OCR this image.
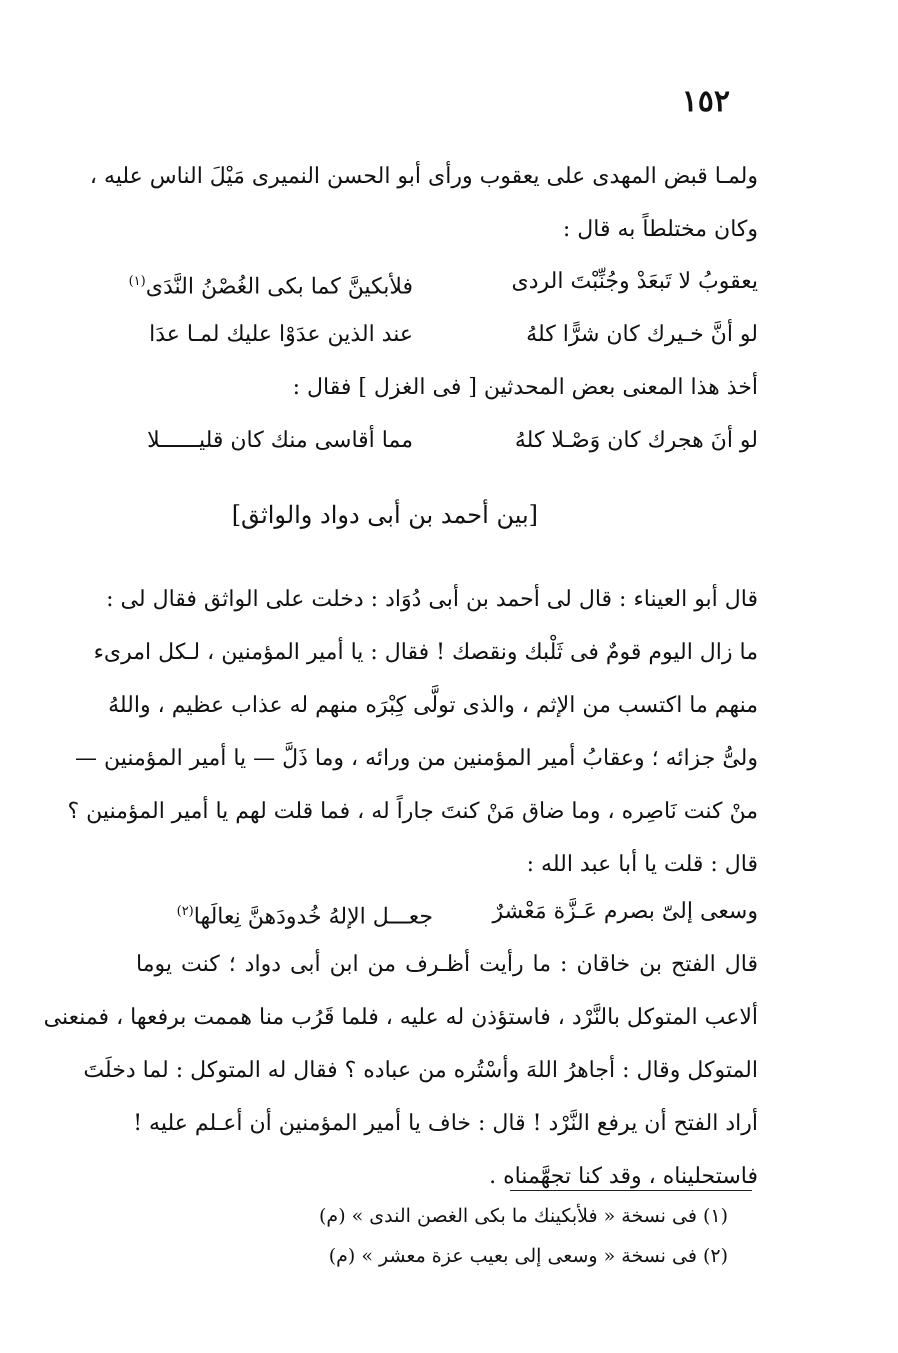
١٥٢
ولمـا قبض المهدى على يعقوب ورأى أبو الحسن النميرى مَيْلَ الناس عليه ،
وكان مختلطاً به قال :
يعقوبُ لا تَبعَدْ وجُنِّبْتَ الردى
فلأبكينَّ كما بكى الغُصْنُ النَّدَى$^{(١)}$
لو أنَّ خـيرك كان شرًّا كلهُ
عند الذين عدَوْا عليك لمـا عدَا
أخذ هذا المعنى بعض المحدثين [ فى الغزل ] فقال :
لو أنَ هجرك كان وَصْـلا كلهُ
مما أقاسى منك كان قليــــــلا
[بين أحمد بن أبى دواد والواثق]
قال أبو العيناء : قال لى أحمد بن أبى دُوَاد : دخلت على الواثق فقال لى :
ما زال اليوم قومٌ فى ثَلْبك ونقصك ! فقال : يا أمير المؤمنين ، لـكل امرىء
منهم ما اكتسب من الإثم ، والذى تولَّى كِبْرَه منهم له عذاب عظيم ، واللهُ
ولىُّ جزائه ؛ وعقابُ أمير المؤمنين من ورائه ، وما ذَلَّ — يا أمير المؤمنين —
منْ كنت نَاصِره ، وما ضاق مَنْ كنتَ جاراً له ، فما قلت لهم يا أمير المؤمنين ؟
قال : قلت يا أبا عبد الله :
وسعى إلىّ بصرم عَـزَّة مَعْشرٌ
جعـــل الإلهُ خُدودَهنَّ نِعالَها$^{(٢)}$
قال الفتح بن خاقان : ما رأيت أظـرف من ابن أبى دواد ؛ كنت يوما
ألاعب المتوكل بالنَّرْد ، فاستؤذن له عليه ، فلما قَرُب منا هممت برفعها ، فمنعنى
المتوكل وقال : أجاهرُ اللهَ وأسْتُره من عباده ؟ فقال له المتوكل : لما دخلَتَ
أراد الفتح أن يرفع النَّرْد ! قال : خاف يا أمير المؤمنين أن أعـلم عليه !
فاستحليناه ، وقد كنا تجهَّمناه .
(١) فى نسخة « فلأبكينك ما بكى الغصن الندى » (م)
(٢) فى نسخة « وسعى إلى بعيب عزة معشر » (م)
